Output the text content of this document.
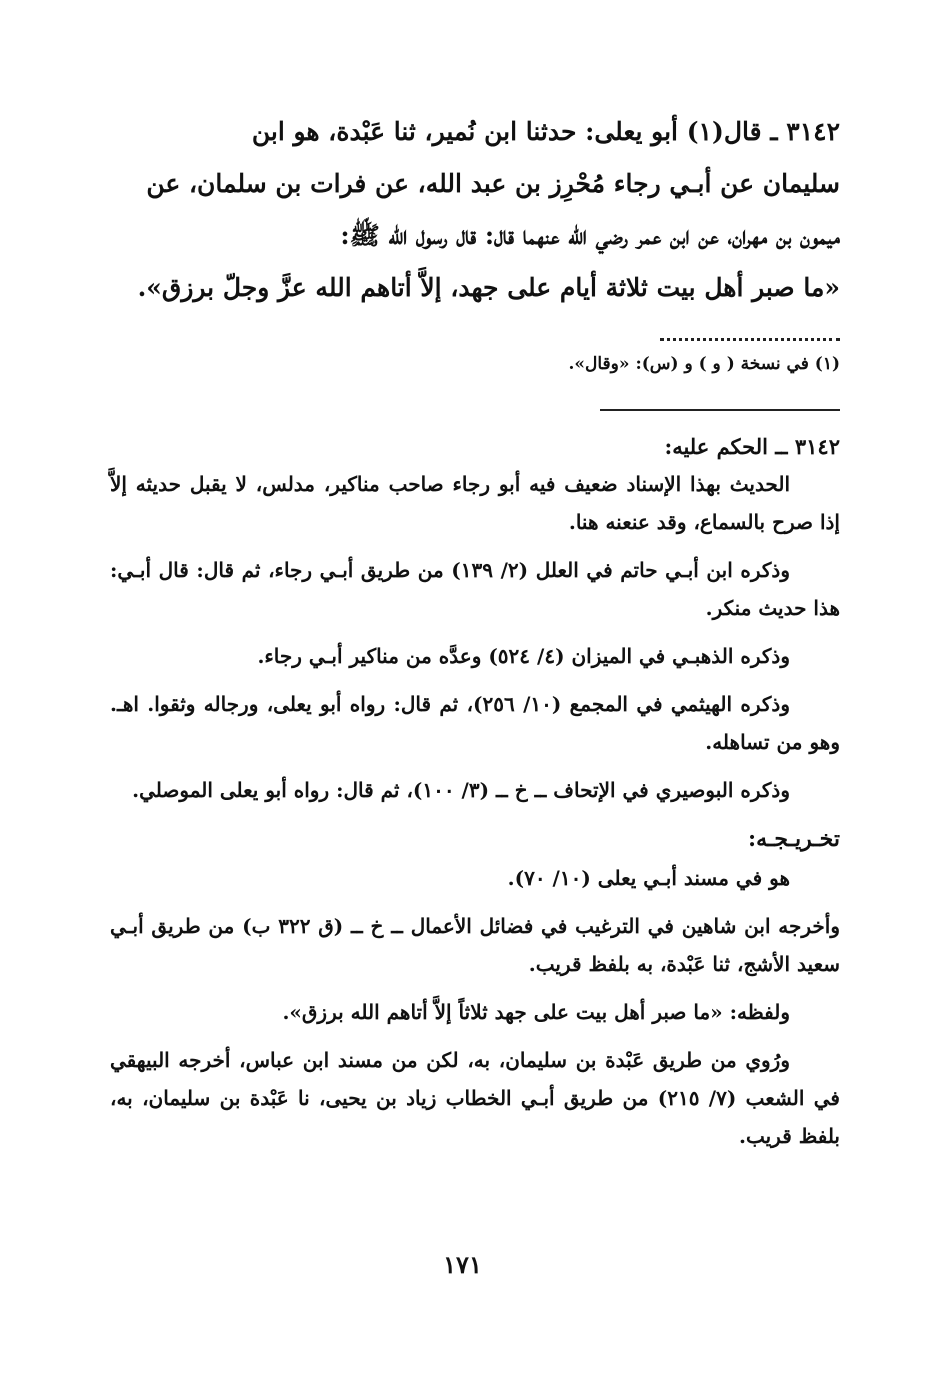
٣١٤٢ ـ قال(١) أبو يعلى: حدثنا ابن نُمير، ثنا عَبْدة، هو ابن

سليمان عن أبـي رجاء مُحْرِز بن عبد الله، عن فرات بن سلمان، عن

ميمون بن مهران، عن ابن عمر رضي الله عنهما قال: قال رسول الله ﷺ:

«ما صبر أهل بيت ثلاثة أيام على جهد، إلاَّ أتاهم الله عزَّ وجلّ برزق».

(١) في نسخة ( و ) و (س): «وقال».
٣١٤٢ ــ الحكم عليه:

الحديث بهذا الإسناد ضعيف فيه أبو رجاء صاحب مناكير، مدلس، لا يقبل حديثه إلاَّ إذا صرح بالسماع، وقد عنعنه هنا.

وذكره ابن أبـي حاتم في العلل (٢/ ١٣٩) من طريق أبـي رجاء، ثم قال: قال أبـي: هذا حديث منكر.

وذكره الذهبـي في الميزان (٤/ ٥٢٤) وعدَّه من مناكير أبـي رجاء.

وذكره الهيثمي في المجمع (١٠/ ٢٥٦)، ثم قال: رواه أبو يعلى، ورجاله وثقوا. اهـ. وهو من تساهله.

وذكره البوصيري في الإتحاف ــ خ ــ (٣/ ١٠٠)، ثم قال: رواه أبو يعلى الموصلي.

تخـريـجـه:

هو في مسند أبـي يعلى (١٠/ ٧٠).

وأخرجه ابن شاهين في الترغيب في فضائل الأعمال ــ خ ــ (ق ٣٢٢ ب) من طريق أبـي سعيد الأشج، ثنا عَبْدة، به بلفظ قريب.

ولفظه: «ما صبر أهل بيت على جهد ثلاثاً إلاَّ أتاهم الله برزق».

ورُوي من طريق عَبْدة بن سليمان، به، لكن من مسند ابن عباس، أخرجه البيهقي في الشعب (٧/ ٢١٥) من طريق أبـي الخطاب زياد بن يحيى، نا عَبْدة بن سليمان، به، بلفظ قريب.

١٧١
